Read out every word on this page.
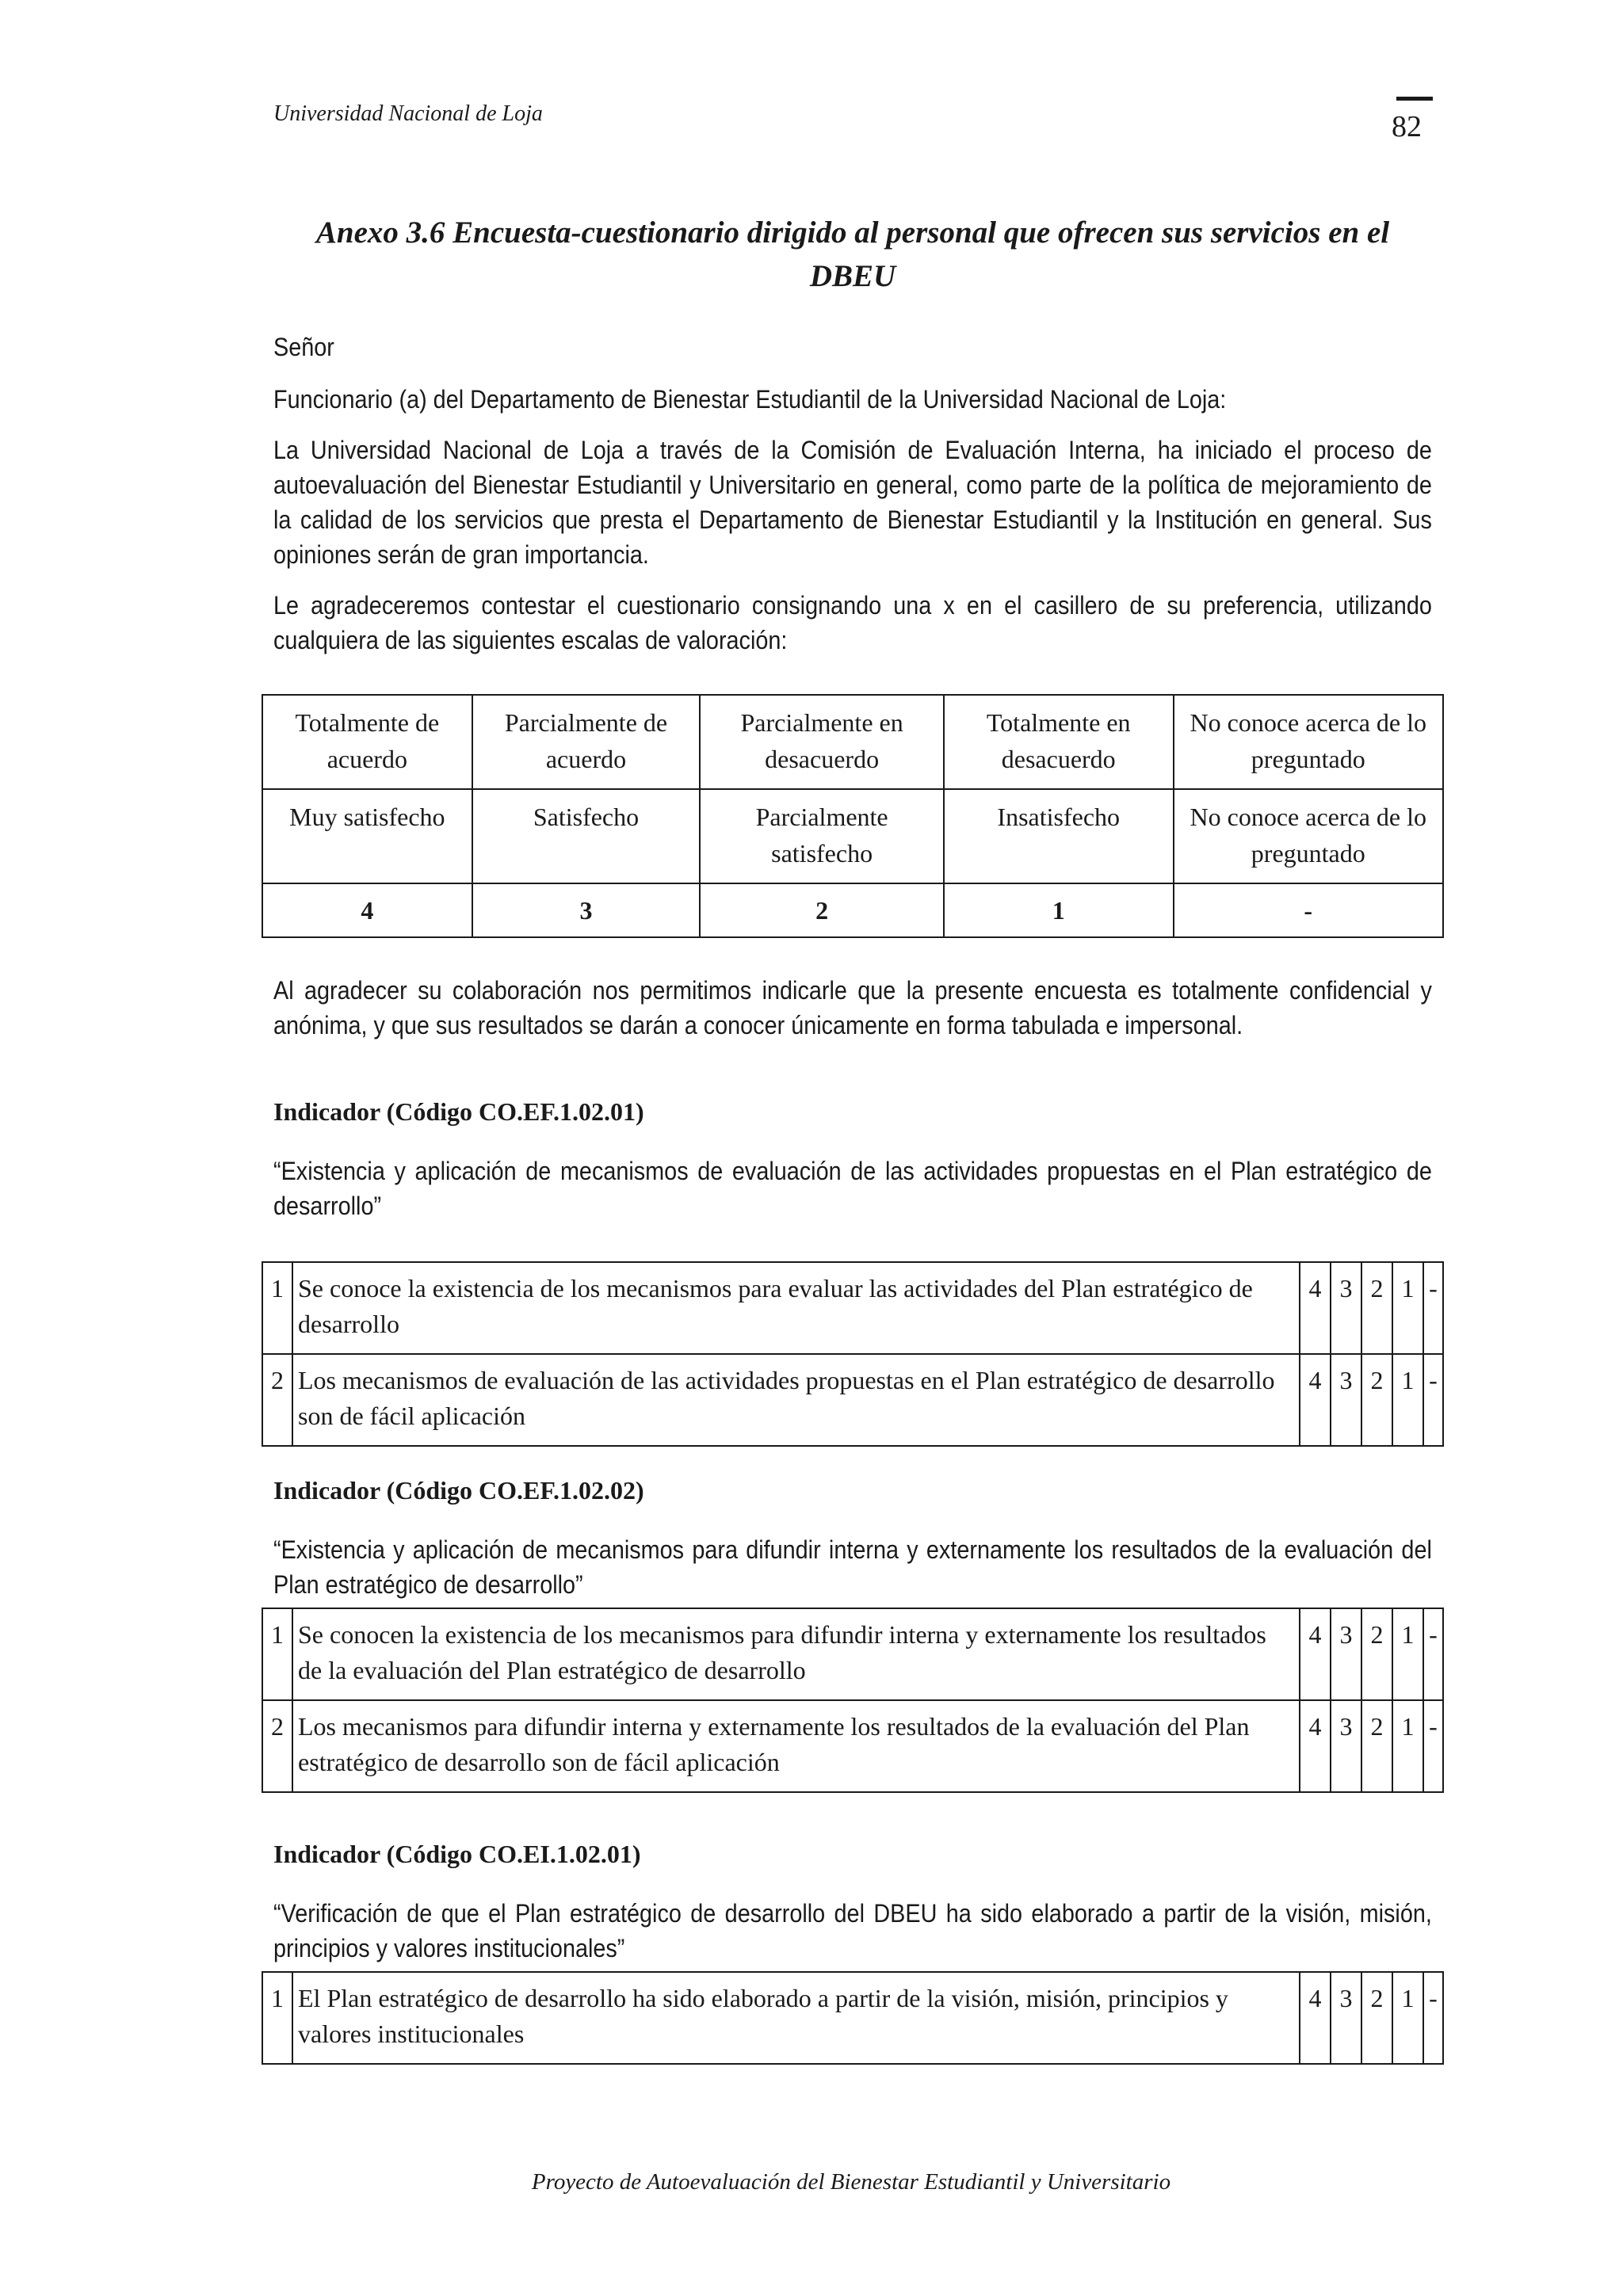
Universidad Nacional de Loja	82
Anexo 3.6 Encuesta-cuestionario dirigido al personal que ofrecen sus servicios en el DBEU

Señor

Funcionario (a) del Departamento de Bienestar Estudiantil de la Universidad Nacional de Loja:

La Universidad Nacional de Loja a través de la Comisión de Evaluación Interna, ha iniciado el proceso de autoevaluación del Bienestar Estudiantil y Universitario en general, como parte de la política de mejoramiento de la calidad de los servicios que presta el Departamento de Bienestar Estudiantil y la Institución en general. Sus opiniones serán de gran importancia.

Le agradeceremos contestar el cuestionario consignando una x en el casillero de su preferencia, utilizando cualquiera de las siguientes escalas de valoración:

Totalmente de acuerdo	Parcialmente de acuerdo	Parcialmente en desacuerdo	Totalmente en desacuerdo	No conoce acerca de lo preguntado
Muy satisfecho	Satisfecho	Parcialmente satisfecho	Insatisfecho	No conoce acerca de lo preguntado
4	3	2	1	-

Al agradecer su colaboración nos permitimos indicarle que la presente encuesta es totalmente confidencial y anónima, y que sus resultados se darán a conocer únicamente en forma tabulada e impersonal.

Indicador (Código CO.EF.1.02.01)

“Existencia y aplicación de mecanismos de evaluación de las actividades propuestas en el Plan estratégico de desarrollo”

1	Se conoce la existencia de los mecanismos para evaluar las actividades del Plan estratégico de desarrollo	4	3	2	1	-
2	Los mecanismos de evaluación de las actividades propuestas en el Plan estratégico de desarrollo son de fácil aplicación	4	3	2	1	-
Indicador (Código CO.EF.1.02.02)

“Existencia y aplicación de mecanismos para difundir interna y externamente los resultados de la evaluación del Plan estratégico de desarrollo”

1	Se conocen la existencia de los mecanismos para difundir interna y externamente los resultados de la evaluación del Plan estratégico de desarrollo	4	3	2	1	-
2	Los mecanismos para difundir interna y externamente los resultados de la evaluación del Plan estratégico de desarrollo son de fácil aplicación	4	3	2	1	-
Indicador (Código CO.EI.1.02.01)

“Verificación de que el Plan estratégico de desarrollo del DBEU ha sido elaborado a partir de la visión, misión, principios y valores institucionales”

1	El Plan estratégico de desarrollo ha sido elaborado a partir de la visión, misión, principios y valores institucionales	4	3	2	1	-
Proyecto de Autoevaluación del Bienestar Estudiantil y Universitario
